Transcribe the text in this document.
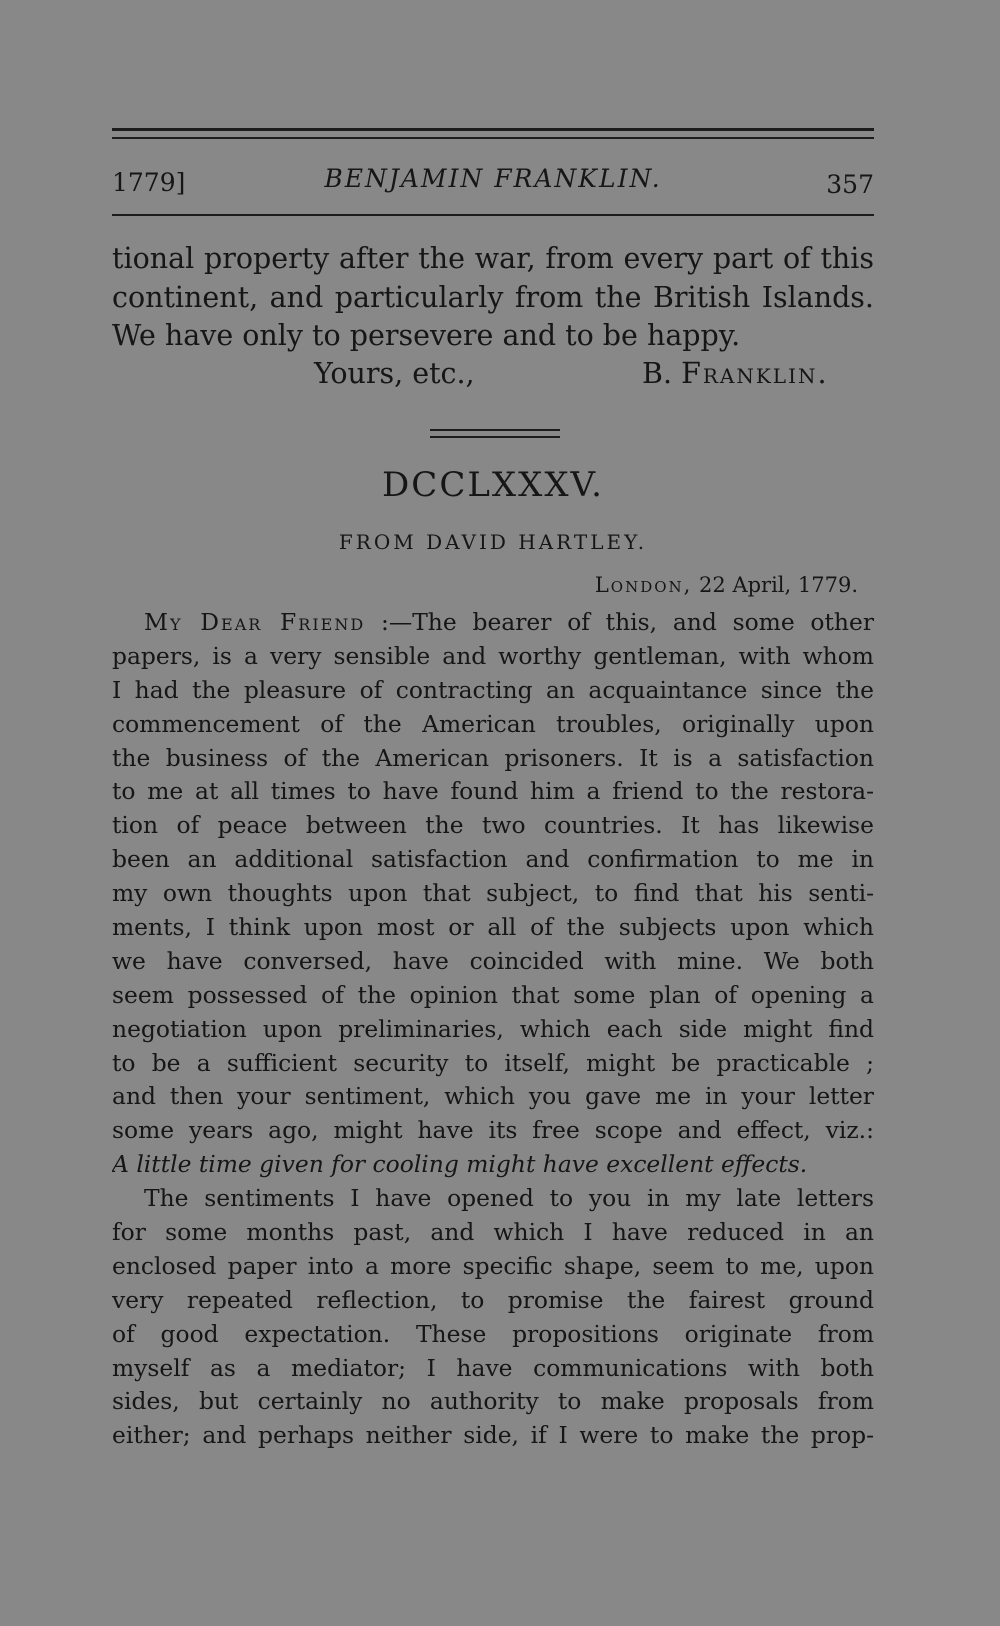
1779]	BENJAMIN FRANKLIN.	357
tional property after the war, from every part of this
continent, and particularly from the British Islands.
We have only to persevere and to be happy.
Yours, etc.,	B. Franklin.
DCCLXXXV.
FROM DAVID HARTLEY.
London, 22 April, 1779.
My Dear Friend :—The bearer of this, and some other
papers, is a very sensible and worthy gentleman, with whom
I had the pleasure of contracting an acquaintance since the
commencement of the American troubles, originally upon
the business of the American prisoners. It is a satisfaction
to me at all times to have found him a friend to the restora-
tion of peace between the two countries. It has likewise
been an additional satisfaction and confirmation to me in
my own thoughts upon that subject, to find that his senti-
ments, I think upon most or all of the subjects upon which
we have conversed, have coincided with mine. We both
seem possessed of the opinion that some plan of opening a
negotiation upon preliminaries, which each side might find
to be a sufficient security to itself, might be practicable ;
and then your sentiment, which you gave me in your letter
some years ago, might have its free scope and effect, viz.:
A little time given for cooling might have excellent effects.
The sentiments I have opened to you in my late letters
for some months past, and which I have reduced in an
enclosed paper into a more specific shape, seem to me, upon
very repeated reflection, to promise the fairest ground
of good expectation. These propositions originate from
myself as a mediator; I have communications with both
sides, but certainly no authority to make proposals from
either; and perhaps neither side, if I were to make the prop-
